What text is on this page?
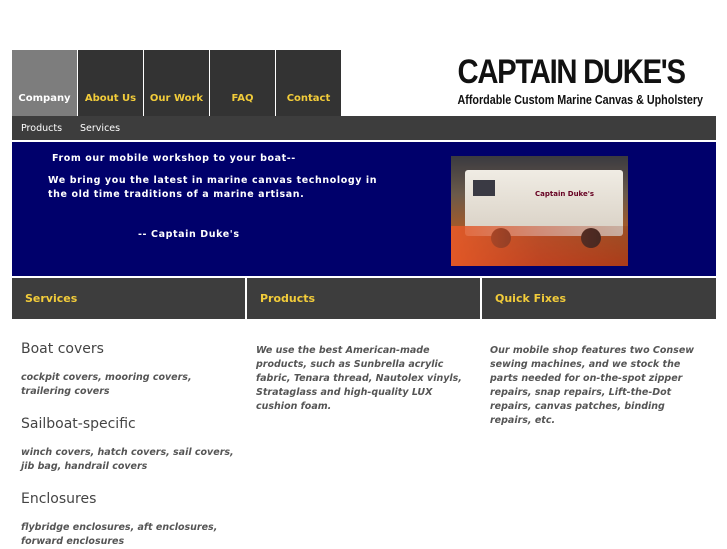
Company	About Us	Our Work	FAQ	Contact
CAPTAIN DUKE'S
Affordable Custom Marine Canvas & Upholstery
Products	Services
From our mobile workshop to your boat--
We bring you the latest in marine canvas technology in
the old time traditions of a marine artisan.
-- Captain Duke's
Captain Duke's
Services	Products	Quick Fixes

Boat covers

cockpit covers, mooring covers, trailering covers

Sailboat-specific

winch covers, hatch covers, sail covers, jib bag, handrail covers

Enclosures

flybridge enclosures, aft enclosures, forward enclosures

We use the best American-made products, such as Sunbrella acrylic fabric, Tenara thread, Nautolex vinyls, Strataglass and high-quality LUX cushion foam.

Our mobile shop features two Consew sewing machines, and we stock the parts needed for on-the-spot zipper repairs, snap repairs, Lift-the-Dot repairs, canvas patches, binding repairs, etc.
